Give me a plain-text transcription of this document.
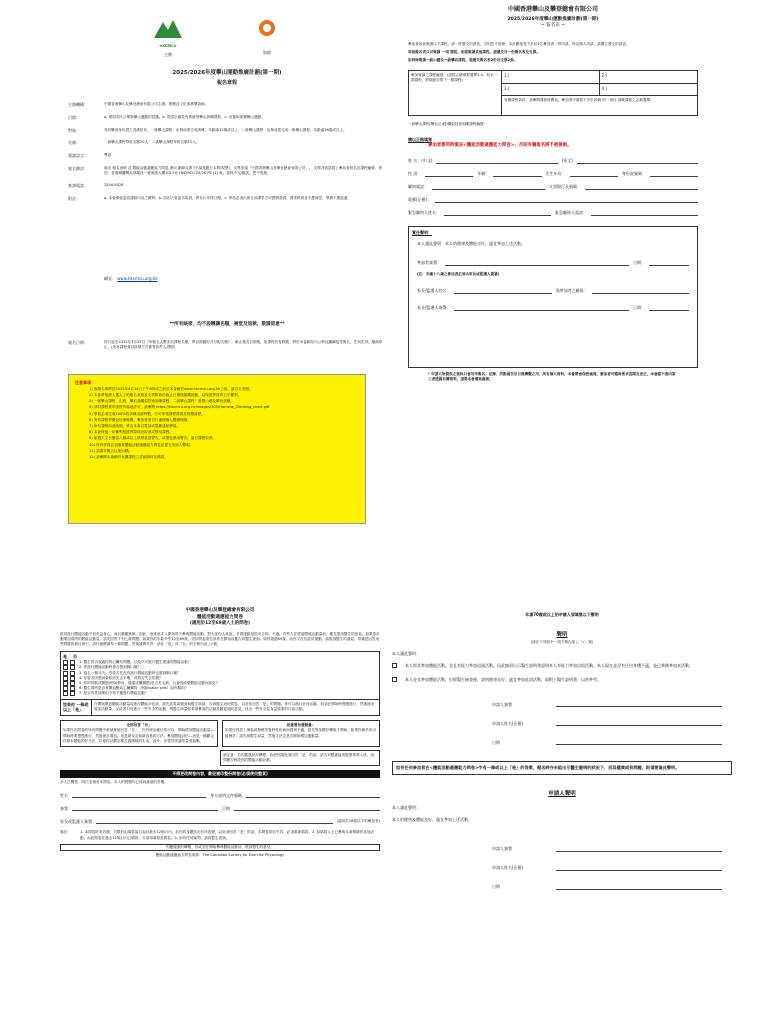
HKCMCU
主辦	資助
2025/2026年度攀山運動推廣計劃(第一期)
報名章程
主辦機構：	中國香港攀山及攀登總會有限公司主辦，康樂及文化事務署資助。
目標：	a. 增加市民公眾對攀山運動的認識。b. 提供正確及有系統的攀山訓練課程。c. 培養和推廣攀山運動。
對象：	具有攀登身份證之香港居民。一級攀山課程：出發前需完成訓練，年齡滿12歲或以上；二級攀山課程：出發前需完成一級攀山課程，年齡滿16歲或以上。
名額：	一級攀山課程每班名額20人；二級攀山課程每班名額12人。
報課語言：	粵語
報名辦法：	填妥 報名表格 及 體能活動適應能力問卷 連同 劃線支票 (不接受銀行本票/現票)，支票抬頭「中國香港攀山及攀登總會有限公司」。 支票背面請寫上參加者姓名及課程編號，寄回：香港銅鑼灣大球場徑一號奧運大樓1011室 HKCMCU 25/26 PS (1) 收。資料不完/錯誤，恕不受理。
查詢電話：	2504 8428
附註：	a. 本會保留更改課程內容之權利。b. 如因天氣惡劣取消，將另行安排日期。c. 學員必須出席全部課堂方可獲發證書，課堂缺席者不獲補堂，學費不獲退還。
網頁： www.hkcmcu.org.hk
**所有缺席，均不設轉讓名額，補堂及退款，敬請留意**
報名日期：	即日起至2025年3月25日《所報名人數未於課程名額，將以抽籤形式分配名額》。截止報名日期後，如課程仍有餘額，將於本會網站內公佈及繼續接受報名，先到先得，額滿即止。(所有課程會以掛號方式郵寄收件人證明)
注意事項：
1) 取錄名單將於2025年4月14日下午6時或之前於本會網頁www.hkcmcu.org.hk公佈，請自行查閱。
2) 本會將根據入選人士的報名表格及支票附會於截止日期後隨機抽籤，以保證學員的公平權利。
3) 一級攀山課程：山藝、攀岩及繩索技術訓練課程；二級攀山課程：進階山藝及攀登訓練。
4) 部份課程需申請野外場地許可，請參閱 https://hkcmcu.org.hk/images/305/Harness_Climbing_chart.pdf
5) 學員必須完成100%的訓練出席時數，方可申領課程證書及相關資歷。
6) 所有課程學費包括保險費，參加者須自行處理個人醫療保險。
7) 所有課程如須改期，將由本會以電話或電郵通知學員。
8) 本會保留一切權利根據實際情況取消或修改課程。
9) 如遇天文台懸掛八號或以上熱帶氣旋警告，或黑色暴雨警告，當日課程取消。
10) 所有學員必須填寫體能活動適應能力問卷及提交申請人聲明。
11) 請盡早報名以免向隅。
12) 請參閱本會網頁有關課程之詳細資料及條款。
中國香港攀山及攀登總會有限公司
2025/2026年度攀山運動推廣計劃(第一期)
~ 報名表 ~
參加者如欲報讀以下課程，請一併遞交申請表，否則恕不受理；本計劃接受不多於4名參加者一併申請，每以個人申請，請獨立遞交申請表。
每張報名表只可報讀 一項 課程，如需報讀其他課程，請遞交另一份報名表及支票。
如同時報讀一級山藝及一級攀岩課程，需遞交報名表2份及支票2張。
參加報讀之課程編號：(請按志願填寫選擇1-4，如未一期課程，將願意安排下一期課程)
1.)	2.)
3.)	4.)
有關課程資料，請參閱課程時間表。參加者可填寫不多於四個 同一項目 訓練課程之志願選擇。
一級攀山課程/攀岩/山藝/繩索技術訓練課程編號：
請以正楷填寫
參加者需同時填妥<體能活動適應能力問卷>，否則有關報名將不被接納。
姓 名：(中文)	(英文)
性 別：	年齡：	出生年份：	身份證號碼：
聯絡電話：	支票銀行及號碼：
電郵(正楷)：
緊急聯絡人姓名：	緊急聯絡人電話：
責任聲明：
本人謹此聲明：本人的健康及體能良好，適宜參加上述活動。
參加者簽署：	日期：
(註：未滿十八歲之參加者必須由家長或監護人簽署)
家長/監護人姓名：	與參加者之關係：
家長/監護人簽署：	日期：
* 申請人所提供之資料只會用作報名、記錄、活動通告及日後聯繫之用，所有個人資料，本會將會保密處理，參加者可隨時要求查閱及更正，本會絕不會向第三者透露有關資料，請將本會備案處理。
中國香港攀山及攀登總會有限公司
體能活動適應能力問卷
(適用於12至69歲人士的問卷)
經常進行體能活動不但有益身心，而且樂趣無窮。因此，愈來愈多人開始每天參與體能活動。對大部份人來說，多做運動是很安全的。不過，有些人在增加體能活動量前，應先徵詢醫生的意見。如果你計劃增加現時的體能活動量，請先回答下列七條問題。如果你的年齡介乎12至69歲，這份問卷會告訴你在開始前應否向醫生查詢。如你超過69歲，而你又沒有經常運動，請徵詢醫生的意見。常識是回答這些問題的最佳指引，請仔細閱讀每一條問題，然後誠實作答：請在「是」或「否」的空格內加上√號。
是	否
1. 醫生曾否說過你的心臟有問題，以及只可進行醫生建議的體能活動？
2. 你進行體能活動時會否感到胸口痛？
3. 過去一個月內，你曾否在沒有進行體能活動時也感到胸口痛？
4. 你曾否因感到暈眩而失去平衡，或曾否失去知覺？
5. 你的骨骼或關節(例如脊骨、膝蓋或髖關節)是否有毛病，且會因改變體能活動而惡化？
6. 醫生現時是否有開血壓或心臟藥物（例如water pills）給你服用？
7. 是否有其他理由令你不應進行體能活動？
如果你 一條或以上「是」
在開始增加體能活動量或進行體能評估前，請先致電或親身與醫生商談，告訴醫生這份問卷，以及你回答「是」的問題。你可以進行任何活動，但須在開始時慢慢進行，然後逐步增加活動量；又或者只可進行一些安全的活動，與醫生商量你希望參加的活動及聽從他的意見。找出一些安全及有益健康的社區活動。
全部回答「否」
如果你在問卷的所有問題中都誠實地回答「否」，你有理由確信你可以：開始增加體能活動量—開始時要慢慢進行，然後逐步增加。這是最安全和最容易的方法。參加體能評估—這是一種斷定你基本體能的好方法，以便你計劃怎樣去過積極的生活。此外，亦強烈建議你量度血壓。
延遲增加運動量：
如果你因患上傷風或發燒等暫時性疾病而感到不適，請先等身體好轉後才開始；如果你懷孕或可能懷孕，請先與醫生商量，然後才決定是否開始增加運動量。
請注意：若因健康狀況轉變，致使你隨後須回答「是」的話，請告知體適能或健康專業人員，詢問應否修改你的體能活動計劃。
不得更改問卷內容，歡迎複印整份問卷(必須使用整頁)
本人已閱悉、明白並填妥本問卷。本人的問題均已得到滿意的答覆。
姓名	身分證明文件號碼
簽署	日期
家長或監護人簽署	(適用於18歲以下的參加者)
備註：	1. 本問卷的有效期，只限於由填寫當日起計最多12個月內。若你的身體狀況有所改變，以致須回答「是」的話，本問卷即告失效，必須重新填寫。2. 如填寫人士已參與本會舉辦的其他活動，而此問卷在過去12個月內已填寫，亦須再填寫此問卷。3. 如有任何疑問，請向醫生查詢。
因應健康的轉變，你或須在開始參與體能活動前，徵詢醫生的意見。
體能活動適應能力問卷來源：The Canadian Society for Exercise Physiology
年滿70歲或以上的申請人須填寫以下聲明
聲明
(請在下列其中一項方格內加上「√」號)
本人謹此聲明：
本人經常參加體能活動，並且有能力參加這個活動，因此無須出示醫生證明書證明本人有能力參加這項活動。本人現在並沒有任何身體不適，並已準備參加本活動。
本人並非參加體能活動，但經醫生檢查後，證明健康良好，適宜參加此項活動，現附上醫生證明書，以供參考。
申請人簽署
申請人姓名(正楷)
日期
如有任何參加者在<體能活動適應能力問卷>中有一條或以上「是」的答案，報名時亦未能出示醫生證明的狀況下，而其健康或有問題，則須要簽此聲明。
申請人聲明
本人謹此聲明：
本人的健康及體能良好，適宜參加上述活動。
申請人簽署
申請人姓名(正楷)
日期
